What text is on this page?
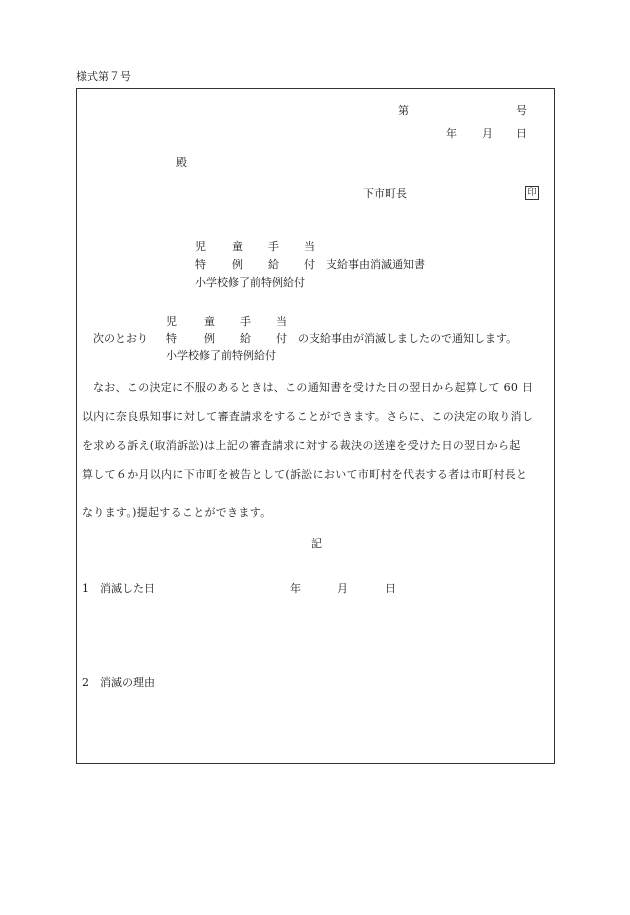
様式第７号
第	号
年 月 日
殿
下市町長	印
児 童 手 当
特 例 給 付 支給事由消滅通知書
小学校修了前特例給付
児 童 手 当
次のとおり 特 例 給 付 の支給事由が消滅しましたので通知します。
小学校修了前特例給付
なお、この決定に不服のあるときは、この通知書を受けた日の翌日から起算して 60 日
以内に奈良県知事に対して審査請求をすることができます。さらに、この決定の取り消し
を求める訴え(取消訴訟)は上記の審査請求に対する裁決の送達を受けた日の翌日から起
算して６か月以内に下市町を被告として(訴訟において市町村を代表する者は市町村長と
なります。)提起することができます。
記
1 消滅した日	年	月	日
2 消滅の理由
